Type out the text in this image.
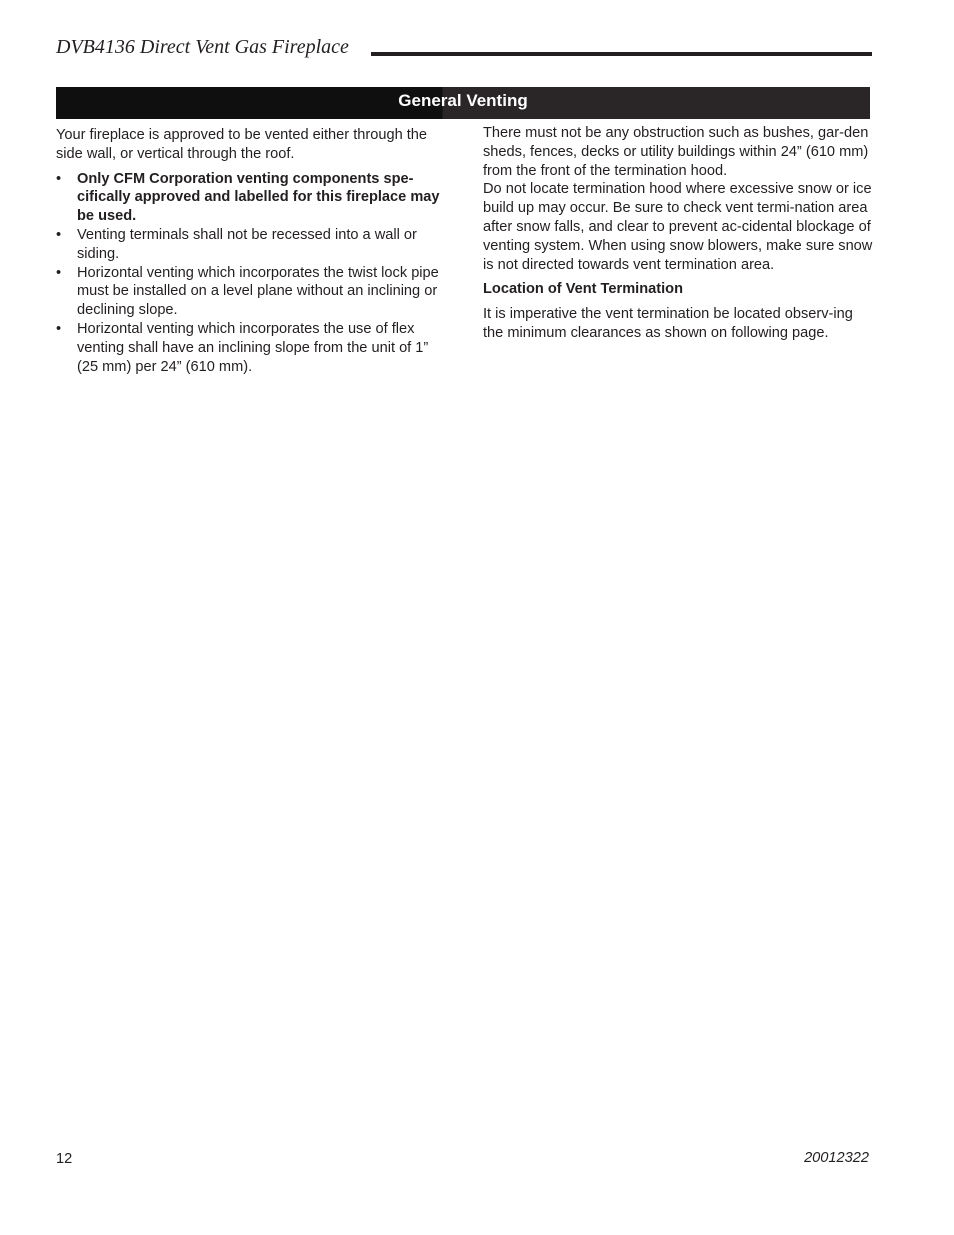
DVB4136 Direct Vent Gas Fireplace
General Venting

Your fireplace is approved to be vented either through the side wall, or vertical through the roof.

•	Only CFM Corporation venting components spe-cifically approved and labelled for this fireplace may be used.
•	Venting terminals shall not be recessed into a wall or siding.
•	Horizontal venting which incorporates the twist lock pipe must be installed on a level plane without an inclining or declining slope.
•	Horizontal venting which incorporates the use of flex venting shall have an inclining slope from the unit of 1” (25 mm) per 24” (610 mm).

There must not be any obstruction such as bushes, gar-den sheds, fences, decks or utility buildings within 24” (610 mm) from the front of the termination hood.

Do not locate termination hood where excessive snow or ice build up may occur. Be sure to check vent termi-nation area after snow falls, and clear to prevent ac-cidental blockage of venting system. When using snow blowers, make sure snow is not directed towards vent termination area.

Location of Vent Termination

It is imperative the vent termination be located observ-ing the minimum clearances as shown on following page.

12	20012322
